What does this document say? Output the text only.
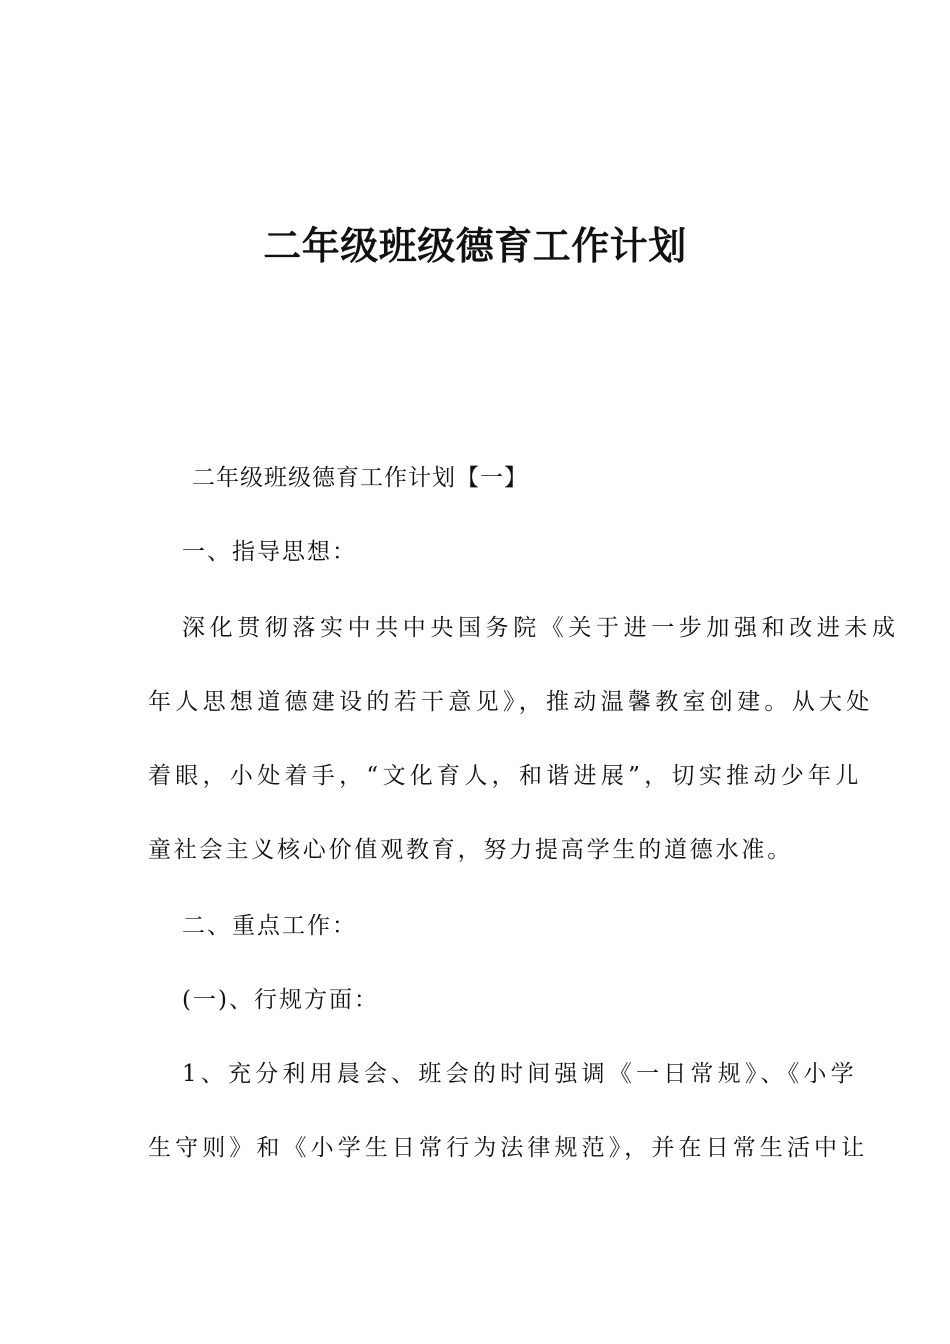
二年级班级德育工作计划
二年级班级德育工作计划【一】
一、指导思想：
深化贯彻落实中共中央国务院《关于进一步加强和改进未成
年人思想道德建设的若干意见》，推动温馨教室创建。从大处
着眼，小处着手，“文化育人，和谐进展”，切实推动少年儿
童社会主义核心价值观教育，努力提高学生的道德水准。
二、重点工作：
(一)、行规方面：
1、充分利用晨会、班会的时间强调《一日常规》、《小学
生守则》和《小学生日常行为法律规范》，并在日常生活中让
